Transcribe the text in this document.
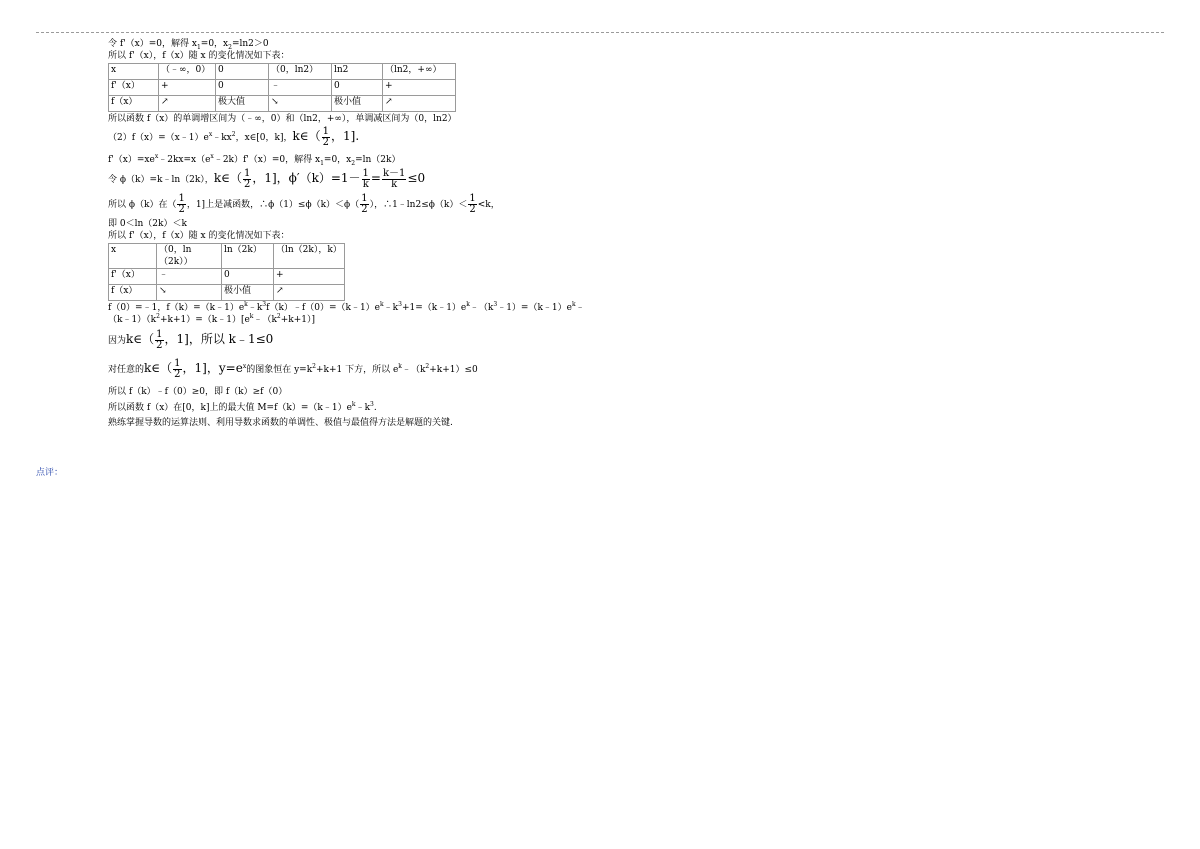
点评：
令 f'（x）=0，解得 $x_1=0$，$x_2=\ln 2>0$
所以 f'（x），f（x）随 x 的变化情况如下表：
x	（﹣∞，0）	0	（0，ln2）	ln2	（ln2，+∞）
f'（x）	+	0	﹣	0	+
f（x）	↗	极大值	↘	极小值	↗
所以函数 f（x）的单调增区间为（﹣∞，0）和（ln2，+∞），单调减区间为（0，ln2）
$(2)f(x)=(x﹣1)e^x﹣kx^2$，x∈[0，k]，k∈（ $\frac{1}{2}$ ，1].
$f'(x)=xe^x﹣2kx=x(e^x﹣2k)f'(x)=0$，解得 $x_1=0$，$x_2=\ln(2k)$
令 ϕ（k）=k﹣ln（2k），k∈（ $\frac{1}{2}$ ，1]，$\phi'(k)=1- \frac{1}{k} = \frac{k-1}{k} \le 0$
所以 ϕ（k）在（ $\frac{1}{2}$ ，1]上是减函数，∴ϕ（1）≤ϕ（k）＜ϕ（ $\frac{1}{2}$ ），∴1﹣ln2≤ϕ（k）＜ $\frac{1}{2} <k$，
即 0＜ln（2k）＜k
所以 f'（x），f（x）随 x 的变化情况如下表：
x	（0，ln（2k））	ln（2k）	（ln（2k），k）
f'（x）	﹣	0	+
f（x）	↘	极小值	↗
f（0）=﹣1，$f(k)=(k﹣1)e^k﹣k^3f(k)﹣f(0)=(k﹣1)e^k﹣k^3+1=(k﹣1)e^k﹣(k^3﹣1)=(k﹣1)e^k﹣$
$(k﹣1)(k^2+k+1)=(k﹣1)[e^k﹣(k^2+k+1)]$
因为k∈（ $\frac{1}{2}$ ，1]，所以 k﹣1≤0
对任意的k∈（ $\frac{1}{2}$ ，1]，$y=e^x$的图象恒在 $y=k^2+k+1$ 下方，所以 $e^k﹣(k^2+k+1)\le 0$
所以 f（k）﹣f（0）≥0，即 f（k）≥f（0）
所以函数 f（x）在[0，k]上的最大值 $M=f(k)=(k﹣1)e^k﹣k^3$.
熟练掌握导数的运算法则、利用导数求函数的单调性、极值与最值得方法是解题的关键.
